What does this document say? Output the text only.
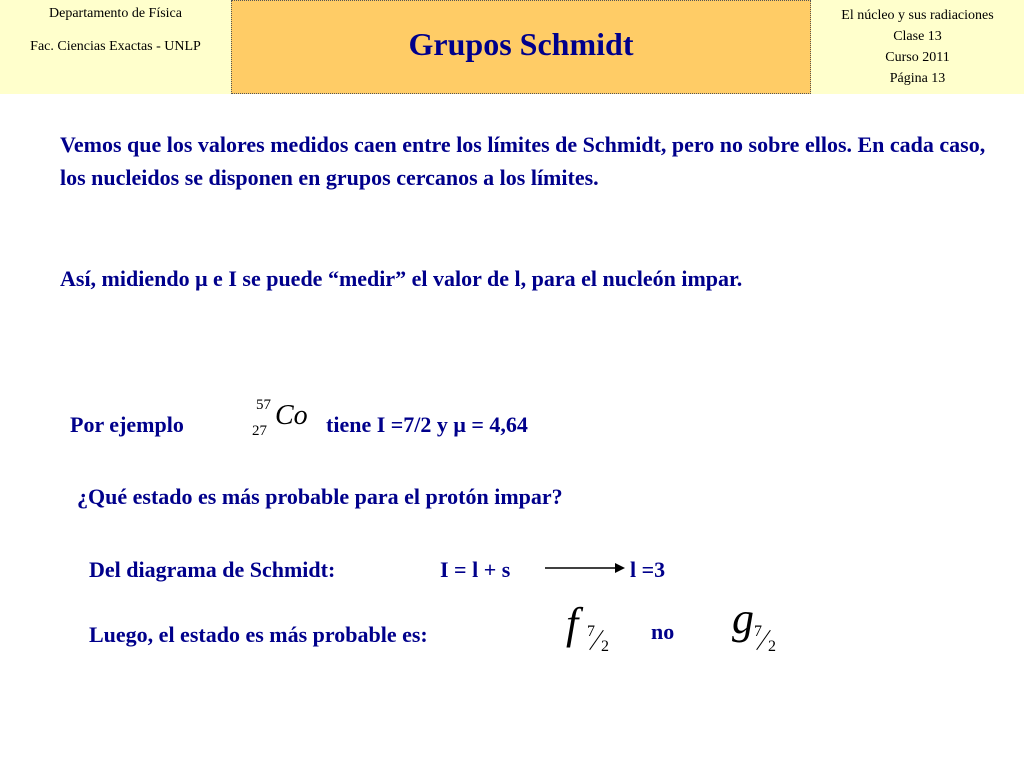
Departamento de Física
Fac. Ciencias Exactas - UNLP	Grupos Schmidt
El núcleo y sus radiaciones
Clase 13
Curso 2011
Página 13
Vemos que los valores medidos caen entre los límites de Schmidt, pero no sobre ellos. En cada caso, los nucleidos se disponen en grupos cercanos a los límites.
Así, midiendo μ e I se puede “medir” el valor de l, para el nucleón impar.
Por ejemplo
57
27 Co tiene I =7/2 y μ = 4,64
¿Qué estado es más probable para el protón impar?
Del diagrama de Schmidt:	I = l + s	l =3
Luego, el estado es más probable es:	f 7
2
no g 7
2
